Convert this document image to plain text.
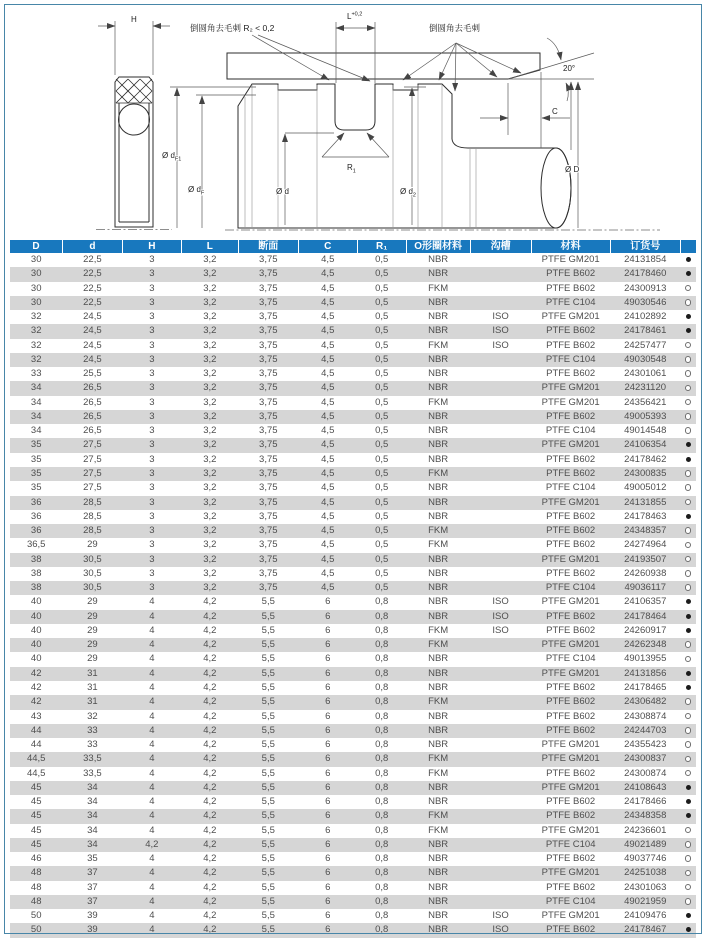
H	$L^{+0,2}$
倒圆角去毛刺 R₂ < 0,2	倒圆角去毛刺
20°
C
$R_1$
Ø $d_{F1}$
Ø $d_F$	Ø d	Ø $d_2$
Ø D
D	d	H	L	断面	C	R₁	O形圈材料	沟槽	材料	订货号	
30	22,5	3	3,2	3,75	4,5	0,5	NBR		PTFE GM201	24131854	
30	22,5	3	3,2	3,75	4,5	0,5	NBR		PTFE B602	24178460	
30	22,5	3	3,2	3,75	4,5	0,5	FKM		PTFE B602	24300913	
30	22,5	3	3,2	3,75	4,5	0,5	NBR		PTFE C104	49030546	
32	24,5	3	3,2	3,75	4,5	0,5	NBR	ISO	PTFE GM201	24102892	
32	24,5	3	3,2	3,75	4,5	0,5	NBR	ISO	PTFE B602	24178461	
32	24,5	3	3,2	3,75	4,5	0,5	FKM	ISO	PTFE B602	24257477	
32	24,5	3	3,2	3,75	4,5	0,5	NBR		PTFE C104	49030548	
33	25,5	3	3,2	3,75	4,5	0,5	NBR		PTFE B602	24301061	
34	26,5	3	3,2	3,75	4,5	0,5	NBR		PTFE GM201	24231120	
34	26,5	3	3,2	3,75	4,5	0,5	FKM		PTFE GM201	24356421	
34	26,5	3	3,2	3,75	4,5	0,5	NBR		PTFE B602	49005393	
34	26,5	3	3,2	3,75	4,5	0,5	NBR		PTFE C104	49014548	
35	27,5	3	3,2	3,75	4,5	0,5	NBR		PTFE GM201	24106354	
35	27,5	3	3,2	3,75	4,5	0,5	NBR		PTFE B602	24178462	
35	27,5	3	3,2	3,75	4,5	0,5	FKM		PTFE B602	24300835	
35	27,5	3	3,2	3,75	4,5	0,5	NBR		PTFE C104	49005012	
36	28,5	3	3,2	3,75	4,5	0,5	NBR		PTFE GM201	24131855	
36	28,5	3	3,2	3,75	4,5	0,5	NBR		PTFE B602	24178463	
36	28,5	3	3,2	3,75	4,5	0,5	FKM		PTFE B602	24348357	
36,5	29	3	3,2	3,75	4,5	0,5	FKM		PTFE B602	24274964	
38	30,5	3	3,2	3,75	4,5	0,5	NBR		PTFE GM201	24193507	
38	30,5	3	3,2	3,75	4,5	0,5	NBR		PTFE B602	24260938	
38	30,5	3	3,2	3,75	4,5	0,5	NBR		PTFE C104	49036117	
40	29	4	4,2	5,5	6	0,8	NBR	ISO	PTFE GM201	24106357	
40	29	4	4,2	5,5	6	0,8	NBR	ISO	PTFE B602	24178464	
40	29	4	4,2	5,5	6	0,8	FKM	ISO	PTFE B602	24260917	
40	29	4	4,2	5,5	6	0,8	FKM		PTFE GM201	24262348	
40	29	4	4,2	5,5	6	0,8	NBR		PTFE C104	49013955	
42	31	4	4,2	5,5	6	0,8	NBR		PTFE GM201	24131856	
42	31	4	4,2	5,5	6	0,8	NBR		PTFE B602	24178465	
42	31	4	4,2	5,5	6	0,8	FKM		PTFE B602	24306482	
43	32	4	4,2	5,5	6	0,8	NBR		PTFE B602	24308874	
44	33	4	4,2	5,5	6	0,8	NBR		PTFE B602	24244703	
44	33	4	4,2	5,5	6	0,8	NBR		PTFE GM201	24355423	
44,5	33,5	4	4,2	5,5	6	0,8	FKM		PTFE GM201	24300837	
44,5	33,5	4	4,2	5,5	6	0,8	FKM		PTFE B602	24300874	
45	34	4	4,2	5,5	6	0,8	NBR		PTFE GM201	24108643	
45	34	4	4,2	5,5	6	0,8	NBR		PTFE B602	24178466	
45	34	4	4,2	5,5	6	0,8	FKM		PTFE B602	24348358	
45	34	4	4,2	5,5	6	0,8	FKM		PTFE GM201	24236601	
45	34	4,2	4,2	5,5	6	0,8	NBR		PTFE C104	49021489	
46	35	4	4,2	5,5	6	0,8	NBR		PTFE B602	49037746	
48	37	4	4,2	5,5	6	0,8	NBR		PTFE GM201	24251038	
48	37	4	4,2	5,5	6	0,8	NBR		PTFE B602	24301063	
48	37	4	4,2	5,5	6	0,8	NBR		PTFE C104	49021959	
50	39	4	4,2	5,5	6	0,8	NBR	ISO	PTFE GM201	24109476	
50	39	4	4,2	5,5	6	0,8	NBR	ISO	PTFE B602	24178467	
